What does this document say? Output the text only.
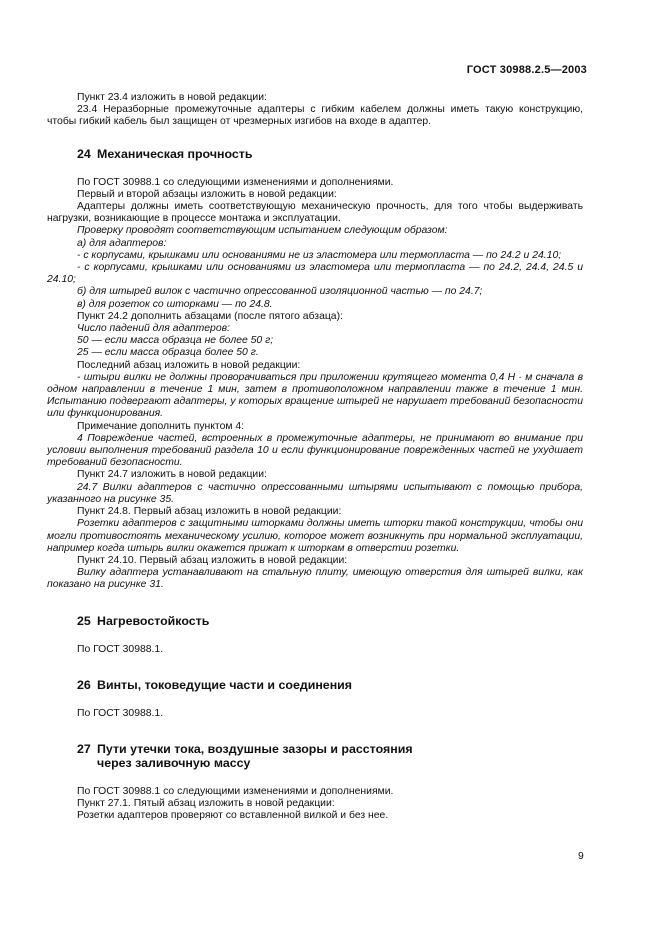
ГОСТ 30988.2.5—2003

Пункт 23.4 изложить в новой редакции:

23.4 Неразборные промежуточные адаптеры с гибким кабелем должны иметь такую конструкцию, чтобы гибкий кабель был защищен от чрезмерных изгибов на входе в адаптер.

24 Механическая прочность

По ГОСТ 30988.1 со следующими изменениями и дополнениями.

Первый и второй абзацы изложить в новой редакции:

Адаптеры должны иметь соответствующую механическую прочность, для того чтобы выдерживать нагрузки, возникающие в процессе монтажа и эксплуатации.

Проверку проводят соответствующим испытанием следующим образом:

а) для адаптеров:

- с корпусами, крышками или основаниями не из эластомера или термопласта — по 24.2 и 24.10;

- с корпусами, крышками или основаниями из эластомера или термопласта — по 24.2, 24.4, 24.5 и 24.10;

б) для штырей вилок с частично опрессованной изоляционной частью — по 24.7;

в) для розеток со шторками — по 24.8.

Пункт 24.2 дополнить абзацами (после пятого абзаца):

Число падений для адаптеров:

50 — если масса образца не более 50 г;

25 — если масса образца более 50 г.

Последний абзац изложить в новой редакции:

- штыри вилки не должны проворачиваться при приложении крутящего момента 0,4 Н · м сначала в одном направлении в течение 1 мин, затем в противоположном направлении также в течение 1 мин. Испытанию подвергают адаптеры, у которых вращение штырей не нарушает требований безопасности или функционирования.

Примечание дополнить пунктом 4:

4 Повреждение частей, встроенных в промежуточные адаптеры, не принимают во внимание при условии выполнения требований раздела 10 и если функционирование поврежденных частей не ухудшает требований безопасности.

Пункт 24.7 изложить в новой редакции:

24.7 Вилки адаптеров с частично опрессованными штырями испытывают с помощью прибора, указанного на рисунке 35.

Пункт 24.8. Первый абзац изложить в новой редакции:

Розетки адаптеров с защитными шторками должны иметь шторки такой конструкции, чтобы они могли противостоять механическому усилию, которое может возникнуть при нормальной эксплуатации, например когда штырь вилки окажется прижат к шторкам в отверстии розетки.

Пункт 24.10. Первый абзац изложить в новой редакции:

Вилку адаптера устанавливают на стальную плиту, имеющую отверстия для штырей вилки, как показано на рисунке 31.

25 Нагревостойкость

По ГОСТ 30988.1.

26 Винты, токоведущие части и соединения

По ГОСТ 30988.1.

27 Пути утечки тока, воздушные зазоры и расстояния
через заливочную массу

По ГОСТ 30988.1 со следующими изменениями и дополнениями.

Пункт 27.1. Пятый абзац изложить в новой редакции:

Розетки адаптеров проверяют со вставленной вилкой и без нее.

9
